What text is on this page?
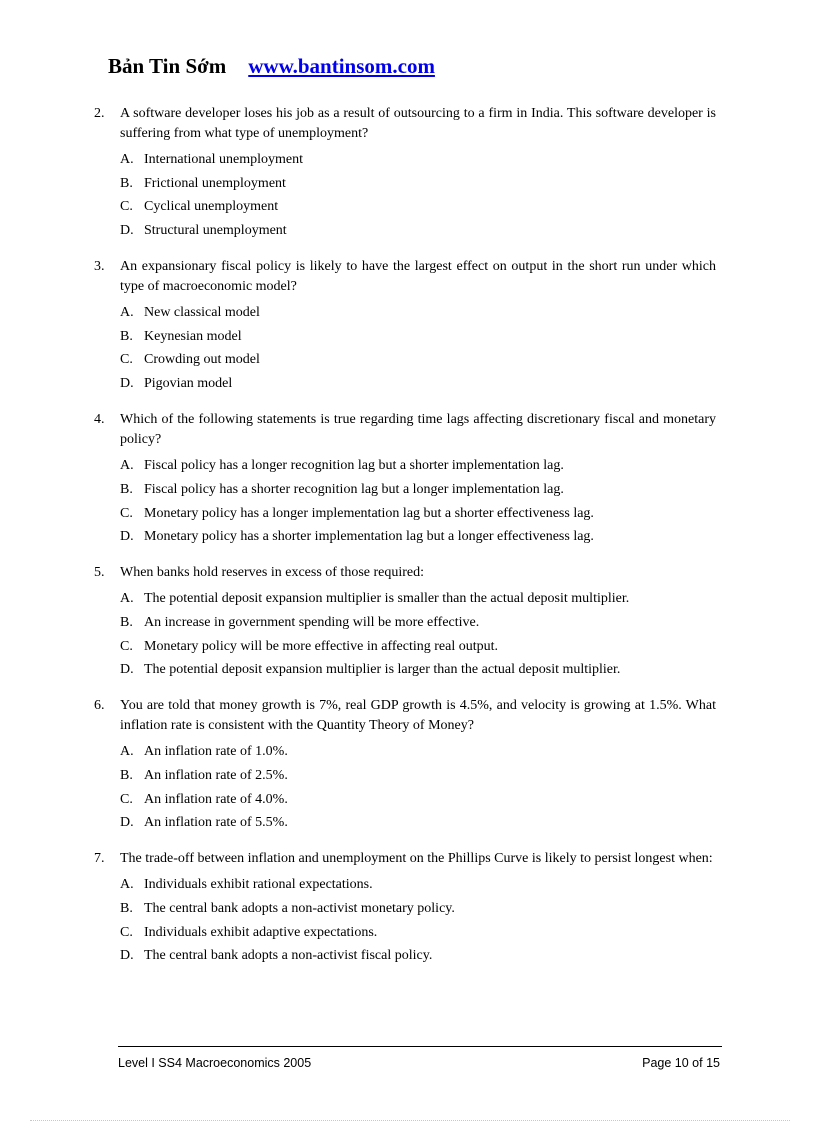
Bản Tin Sớm www.bantinsom.com
2.	A software developer loses his job as a result of outsourcing to a firm in India. This software developer is suffering from what type of unemployment?
A. International unemployment
B. Frictional unemployment
C. Cyclical unemployment
D. Structural unemployment
3.	An expansionary fiscal policy is likely to have the largest effect on output in the short run under which type of macroeconomic model?
A. New classical model
B. Keynesian model
C. Crowding out model
D. Pigovian model
4.	Which of the following statements is true regarding time lags affecting discretionary fiscal and monetary policy?
A. Fiscal policy has a longer recognition lag but a shorter implementation lag.
B. Fiscal policy has a shorter recognition lag but a longer implementation lag.
C. Monetary policy has a longer implementation lag but a shorter effectiveness lag.
D. Monetary policy has a shorter implementation lag but a longer effectiveness lag.
5.	When banks hold reserves in excess of those required:
A. The potential deposit expansion multiplier is smaller than the actual deposit multiplier.
B. An increase in government spending will be more effective.
C. Monetary policy will be more effective in affecting real output.
D. The potential deposit expansion multiplier is larger than the actual deposit multiplier.
6.	You are told that money growth is 7%, real GDP growth is 4.5%, and velocity is growing at 1.5%. What inflation rate is consistent with the Quantity Theory of Money?
A. An inflation rate of 1.0%.
B. An inflation rate of 2.5%.
C. An inflation rate of 4.0%.
D. An inflation rate of 5.5%.
7.	The trade-off between inflation and unemployment on the Phillips Curve is likely to persist longest when:
A. Individuals exhibit rational expectations.
B. The central bank adopts a non-activist monetary policy.
C. Individuals exhibit adaptive expectations.
D. The central bank adopts a non-activist fiscal policy.
Level I SS4 Macroeconomics 2005	Page 10 of 15
